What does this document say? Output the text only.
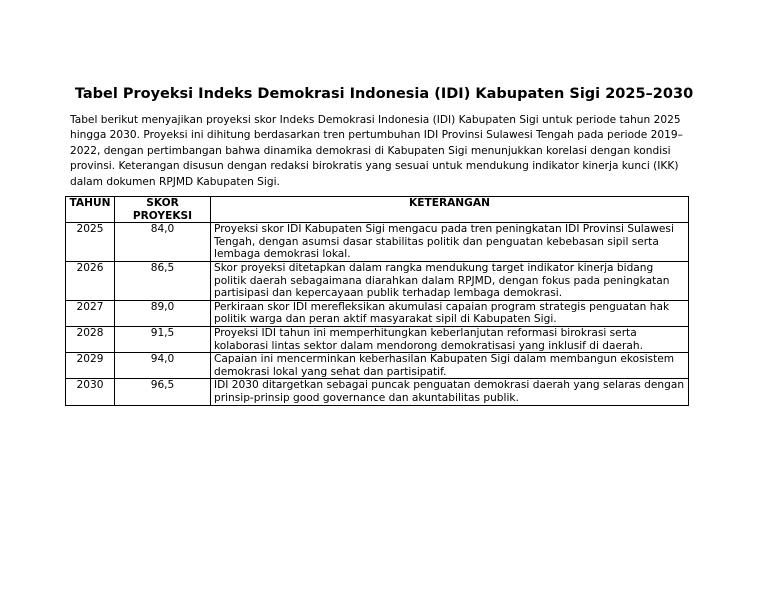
Tabel Proyeksi Indeks Demokrasi Indonesia (IDI) Kabupaten Sigi 2025–2030
Tabel berikut menyajikan proyeksi skor Indeks Demokrasi Indonesia (IDI) Kabupaten Sigi untuk periode tahun 2025 hingga 2030. Proyeksi ini dihitung berdasarkan tren pertumbuhan IDI Provinsi Sulawesi Tengah pada periode 2019–2022, dengan pertimbangan bahwa dinamika demokrasi di Kabupaten Sigi menunjukkan korelasi dengan kondisi provinsi. Keterangan disusun dengan redaksi birokratis yang sesuai untuk mendukung indikator kinerja kunci (IKK) dalam dokumen RPJMD Kabupaten Sigi.
TAHUN	SKOR PROYEKSI	KETERANGAN
2025	84,0	Proyeksi skor IDI Kabupaten Sigi mengacu pada tren peningkatan IDI Provinsi Sulawesi Tengah, dengan asumsi dasar stabilitas politik dan penguatan kebebasan sipil serta lembaga demokrasi lokal.
2026	86,5	Skor proyeksi ditetapkan dalam rangka mendukung target indikator kinerja bidang politik daerah sebagaimana diarahkan dalam RPJMD, dengan fokus pada peningkatan partisipasi dan kepercayaan publik terhadap lembaga demokrasi.
2027	89,0	Perkiraan skor IDI merefleksikan akumulasi capaian program strategis penguatan hak politik warga dan peran aktif masyarakat sipil di Kabupaten Sigi.
2028	91,5	Proyeksi IDI tahun ini memperhitungkan keberlanjutan reformasi birokrasi serta kolaborasi lintas sektor dalam mendorong demokratisasi yang inklusif di daerah.
2029	94,0	Capaian ini mencerminkan keberhasilan Kabupaten Sigi dalam membangun ekosistem demokrasi lokal yang sehat dan partisipatif.
2030	96,5	IDI 2030 ditargetkan sebagai puncak penguatan demokrasi daerah yang selaras dengan prinsip-prinsip good governance dan akuntabilitas publik.
